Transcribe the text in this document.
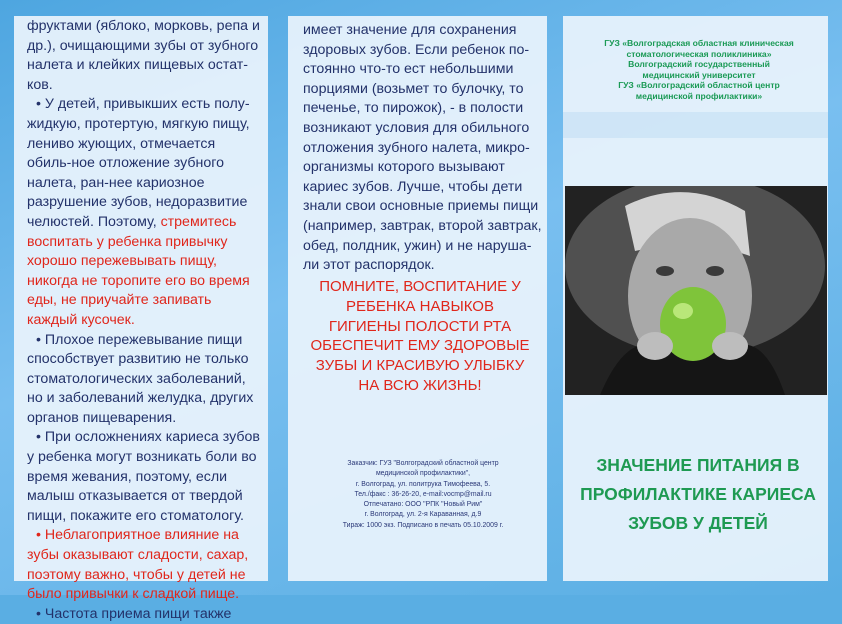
фруктами (яблоко, морковь, репа и др.), очищающими зубы от зубного налета и клейких пищевых остат-ков.

• У детей, привыкших есть полу-жидкую, протертую, мягкую пищу, лениво жующих, отмечается обиль-ное отложение зубного налета, ран-нее кариозное разрушение зубов, недоразвитие челюстей. Поэтому, стремитесь воспитать у ребенка привычку хорошо пережевывать пищу, никогда не торопите его во время еды, не приучайте запивать каждый кусочек.

• Плохое пережевывание пищи способствует развитию не только стоматологических заболеваний, но и заболеваний желудка, других органов пищеварения.

• При осложнениях кариеса зубов у ребенка могут возникать боли во время жевания, поэтому, если малыш отказывается от твердой пищи, покажите его стоматологу.

• Неблагоприятное влияние на зубы оказывают сладости, сахар, поэтому важно, чтобы у детей не было привычки к сладкой пище.

• Частота приема пищи также

имеет значение для сохранения здоровых зубов. Если ребенок по-стоянно что-то ест небольшими порциями (возьмет то булочку, то печенье, то пирожок), - в полости возникают условия для обильного отложения зубного налета, микро-организмы которого вызывают кариес зубов. Лучше, чтобы дети знали свои основные приемы пищи (например, завтрак, второй завтрак, обед, полдник, ужин) и не наруша-ли этот распорядок.

ПОМНИТЕ, ВОСПИТАНИЕ У
РЕБЕНКА НАВЫКОВ
ГИГИЕНЫ ПОЛОСТИ РТА
ОБЕСПЕЧИТ ЕМУ ЗДОРОВЫЕ
ЗУБЫ И КРАСИВУЮ УЛЫБКУ
НА ВСЮ ЖИЗНЬ!
Заказчик: ГУЗ "Волгоградский областной центр
медицинской профилактики",
г. Волгоград, ул. политрука Тимофеева, 5.
Тел./факс : 36-26-20, e-mail:vocmp@mail.ru
Отпечатано: ООО "РПК "Новый Рим"
г. Волгоград, ул. 2-я Караванная, д.9
Тираж: 1000 экз. Подписано в печать 05.10.2009 г.
ГУЗ «Волгоградская областная клиническая
стоматологическая поликлиника»
Волгоградский государственный
медицинский университет
ГУЗ «Волгоградский областной центр
медицинской профилактики»
ЗНАЧЕНИЕ ПИТАНИЯ В
ПРОФИЛАКТИКЕ КАРИЕСА
ЗУБОВ У ДЕТЕЙ
